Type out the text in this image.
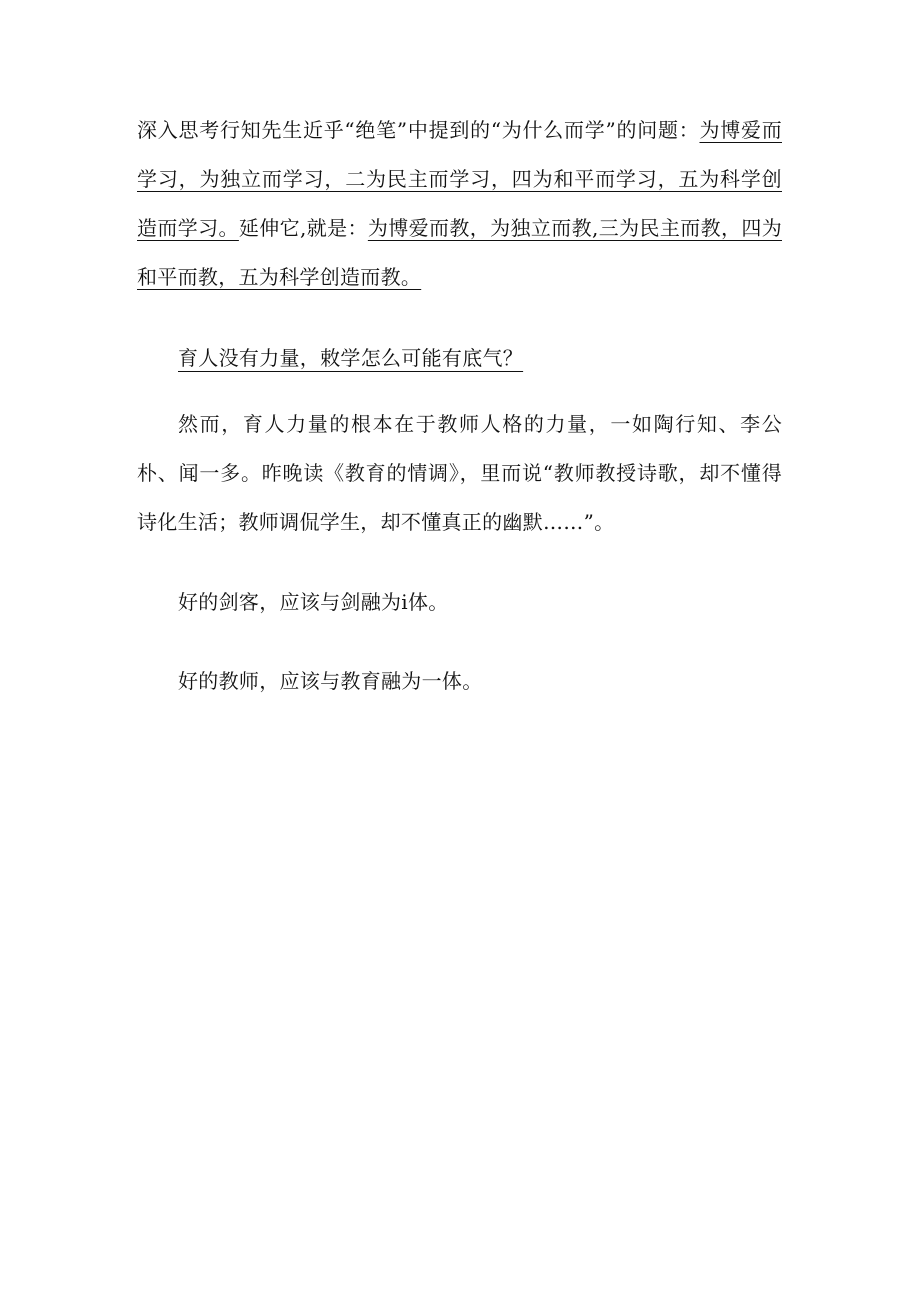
深入思考行知先生近乎“绝笔”中提到的“为什么而学”的问题：为博爱而学习，为独立而学习，二为民主而学习，四为和平而学习，五为科学创造而学习。延伸它,就是：为博爱而教，为独立而教,三为民主而教，四为和平而教，五为科学创造而教。

育人没有力量，敕学怎么可能有底气？

然而，育人力量的根本在于教师人格的力量，一如陶行知、李公朴、闻一多。昨晚读《教育的情调》，里而说“教师教授诗歌，却不懂得诗化生活；教师调侃学生，却不懂真正的幽默……”。

好的剑客，应该与剑融为i体。

好的教师，应该与教育融为一体。
